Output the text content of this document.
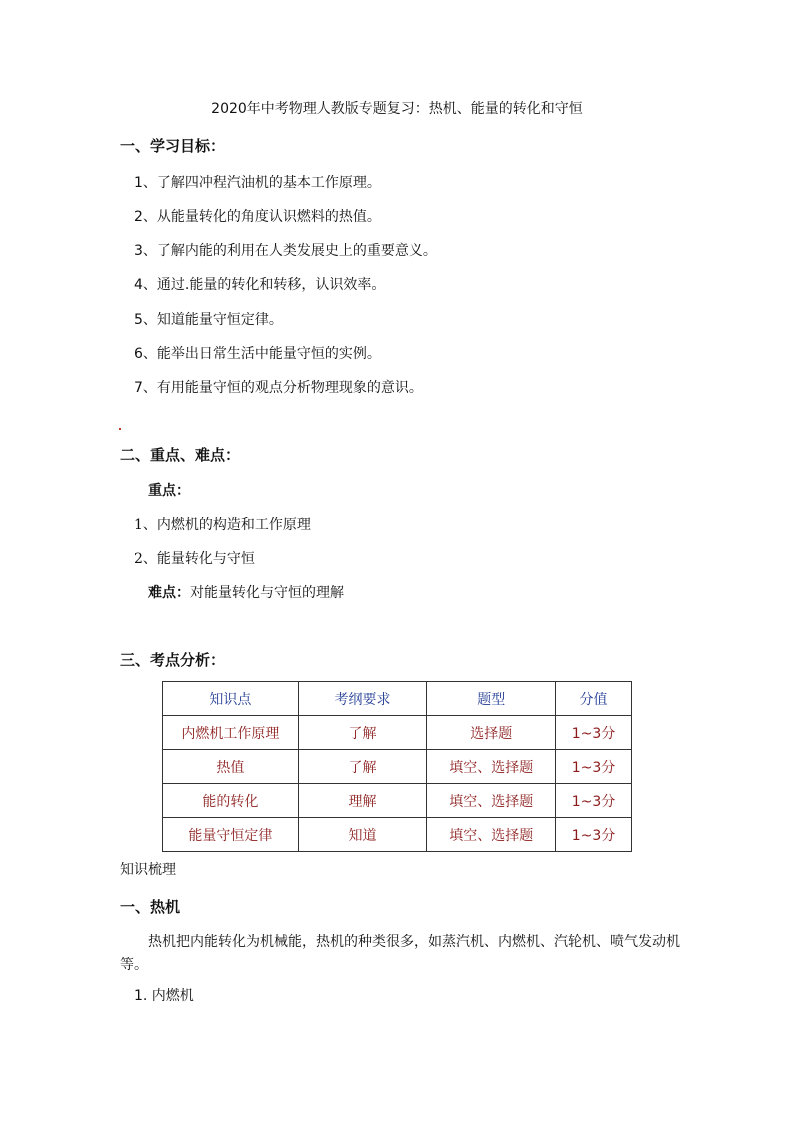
2020年中考物理人教版专题复习：热机、能量的转化和守恒
一、学习目标：
1、了解四冲程汽油机的基本工作原理。
2、从能量转化的角度认识燃料的热值。
3、了解内能的利用在人类发展史上的重要意义。
4、通过.能量的转化和转移，认识效率。
5、知道能量守恒定律。
6、能举出日常生活中能量守恒的实例。
7、有用能量守恒的观点分析物理现象的意识。
二、重点、难点：
重点：
1、内燃机的构造和工作原理
2、能量转化与守恒
难点：对能量转化与守恒的理解
三、考点分析：
知识点	考纲要求	题型	分值
内燃机工作原理	了解	选择题	1~3分
热值	了解	填空、选择题	1~3分
能的转化	理解	填空、选择题	1~3分
能量守恒定律	知道	填空、选择题	1~3分
知识梳理
一、热机
热机把内能转化为机械能，热机的种类很多，如蒸汽机、内燃机、汽轮机、喷气发动机等。
1. 内燃机
